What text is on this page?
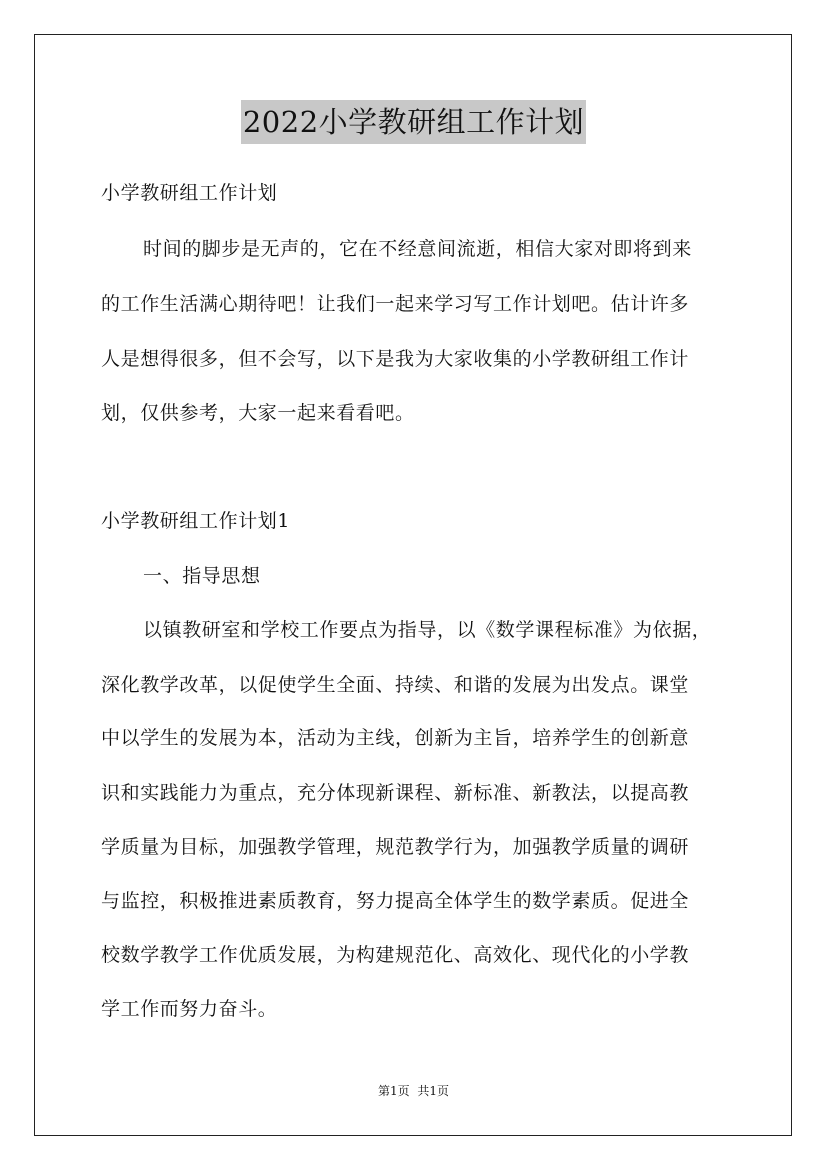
2022小学教研组工作计划
小学教研组工作计划
时间的脚步是无声的，它在不经意间流逝，相信大家对即将到来
的工作生活满心期待吧！让我们一起来学习写工作计划吧。估计许多
人是想得很多，但不会写，以下是我为大家收集的小学教研组工作计
划，仅供参考，大家一起来看看吧。
小学教研组工作计划1
一、指导思想
以镇教研室和学校工作要点为指导，以《数学课程标准》为依据，
深化教学改革，以促使学生全面、持续、和谐的发展为出发点。课堂
中以学生的发展为本，活动为主线，创新为主旨，培养学生的创新意
识和实践能力为重点，充分体现新课程、新标准、新教法，以提高教
学质量为目标，加强教学管理，规范教学行为，加强教学质量的调研
与监控，积极推进素质教育，努力提高全体学生的数学素质。促进全
校数学教学工作优质发展，为构建规范化、高效化、现代化的小学教
学工作而努力奋斗。
第1页 共1页
